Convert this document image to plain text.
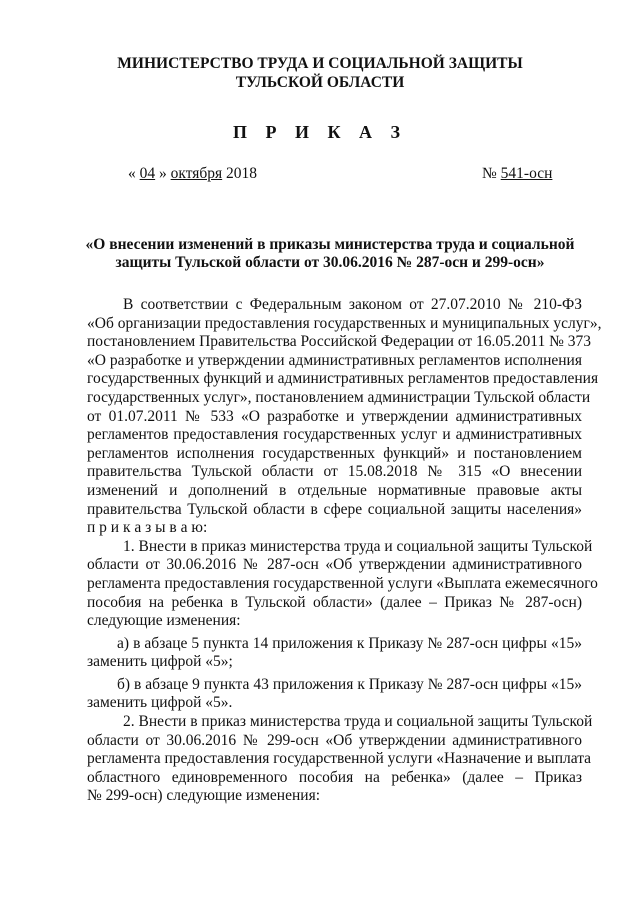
МИНИСТЕРСТВО ТРУДА И СОЦИАЛЬНОЙ ЗАЩИТЫ
ТУЛЬСКОЙ ОБЛАСТИ
П Р И К А З
« 04 » октября 2018	№ 541-осн
«О внесении изменений в приказы министерства труда и социальной
защиты Тульской области от 30.06.2016 № 287-осн и 299-осн»
В соответствии с Федеральным законом от 27.07.2010 № 210-ФЗ
«Об организации предоставления государственных и муниципальных услуг»,
постановлением Правительства Российской Федерации от 16.05.2011 № 373
«О разработке и утверждении административных регламентов исполнения
государственных функций и административных регламентов предоставления
государственных услуг», постановлением администрации Тульской области
от 01.07.2011 № 533 «О разработке и утверждении административных
регламентов предоставления государственных услуг и административных
регламентов исполнения государственных функций» и постановлением
правительства Тульской области от 15.08.2018 № 315 «О внесении
изменений и дополнений в отдельные нормативные правовые акты
правительства Тульской области в сфере социальной защиты населения»
п р и к а з ы в а ю:
1. Внести в приказ министерства труда и социальной защиты Тульской
области от 30.06.2016 № 287-осн «Об утверждении административного
регламента предоставления государственной услуги «Выплата ежемесячного
пособия на ребенка в Тульской области» (далее – Приказ № 287-осн)
следующие изменения:
а) в абзаце 5 пункта 14 приложения к Приказу № 287-осн цифры «15»
заменить цифрой «5»;
б) в абзаце 9 пункта 43 приложения к Приказу № 287-осн цифры «15»
заменить цифрой «5».
2. Внести в приказ министерства труда и социальной защиты Тульской
области от 30.06.2016 № 299-осн «Об утверждении административного
регламента предоставления государственной услуги «Назначение и выплата
областного единовременного пособия на ребенка» (далее – Приказ
№ 299-осн) следующие изменения:
